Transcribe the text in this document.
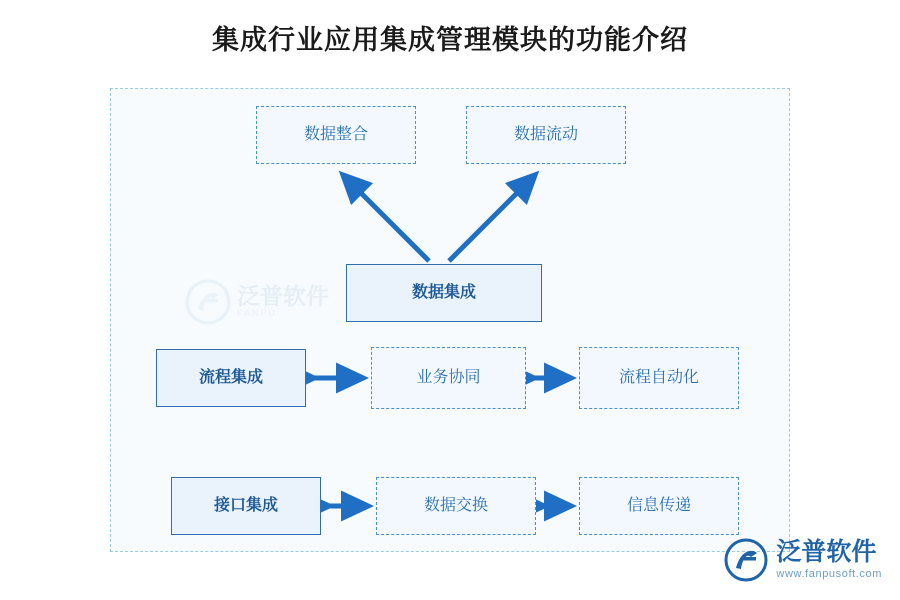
集成行业应用集成管理模块的功能介绍
数据整合	数据流动
数据集成
流程集成	业务协同	流程自动化
接口集成	数据交换	信息传递
泛普软件
FANPU
泛普软件
www.fanpusoft.com
